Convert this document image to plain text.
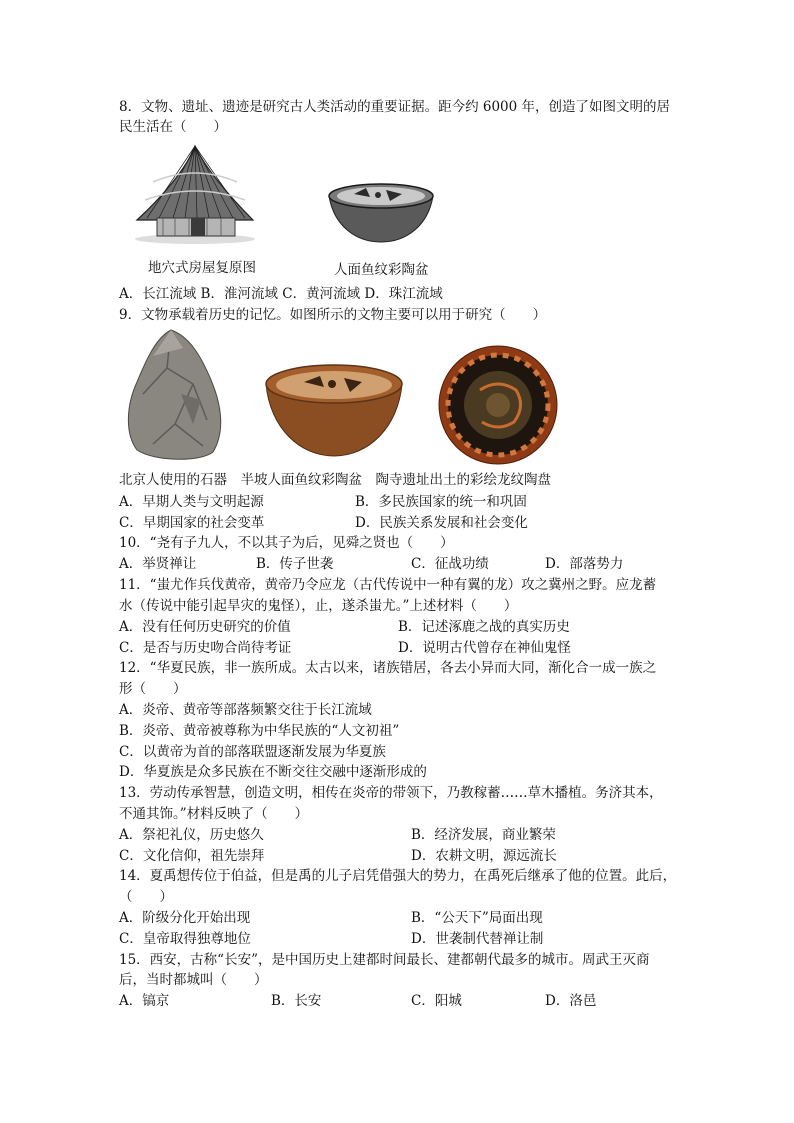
8．文物、遗址、遗迹是研究古人类活动的重要证据。距今约 6000 年，创造了如图文明的居
民生活在（　　）
地穴式房屋复原图	人面鱼纹彩陶盆
A．长江流域 B．淮河流域 C．黄河流域 D．珠江流域
9．文物承载着历史的记忆。如图所示的文物主要可以用于研究（　　）
北京人使用的石器　半坡人面鱼纹彩陶盆　陶寺遗址出土的彩绘龙纹陶盘
A．早期人类与文明起源	B．多民族国家的统一和巩固
C．早期国家的社会变革	D．民族关系发展和社会变化
10．“尧有子九人，不以其子为后，见舜之贤也（　　）
A．举贤禅让	B．传子世袭	C．征战功绩	D．部落势力
11．“蚩尤作兵伐黄帝，黄帝乃令应龙（古代传说中一种有翼的龙）攻之冀州之野。应龙蓄
水（传说中能引起旱灾的鬼怪），止，遂杀蚩尤。”上述材料（　　）
A．没有任何历史研究的价值	B．记述涿鹿之战的真实历史
C．是否与历史吻合尚待考证	D．说明古代曾存在神仙鬼怪
12．“华夏民族，非一族所成。太古以来，诸族错居，各去小异而大同，渐化合一成一族之
形（　　）
A．炎帝、黄帝等部落频繁交往于长江流域
B．炎帝、黄帝被尊称为中华民族的“人文初祖”
C．以黄帝为首的部落联盟逐渐发展为华夏族
D．华夏族是众多民族在不断交往交融中逐渐形成的
13．劳动传承智慧，创造文明，相传在炎帝的带领下，乃教稼蓄……草木播植。务济其本，
不通其饰。”材料反映了（　　）
A．祭祀礼仪，历史悠久	B．经济发展，商业繁荣
C．文化信仰，祖先崇拜	D．农耕文明，源远流长
14．夏禹想传位于伯益，但是禹的儿子启凭借强大的势力，在禹死后继承了他的位置。此后，
（　　）
A．阶级分化开始出现	B．“公天下”局面出现
C．皇帝取得独尊地位	D．世袭制代替禅让制
15．西安，古称“长安”，是中国历史上建都时间最长、建都朝代最多的城市。周武王灭商
后，当时都城叫（　　）
A．镐京	B．长安	C．阳城	D．洛邑
